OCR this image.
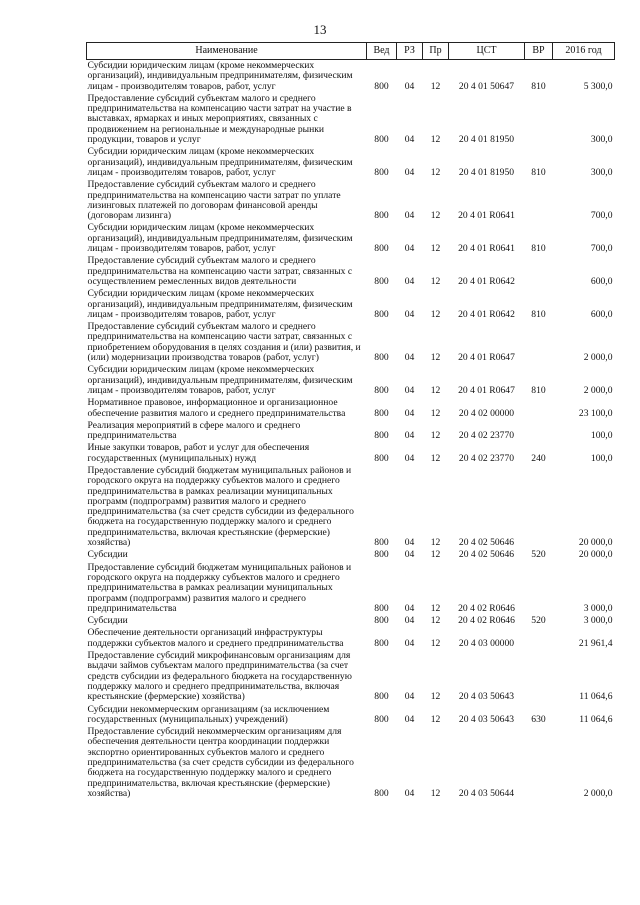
13
Наименование	Вед	РЗ	Пр	ЦСТ	ВР	2016 год
Субсидии юридическим лицам (кроме некоммерческих организаций), индивидуальным предпринимателям, физическим лицам - производителям товаров, работ, услуг	800	04	12	20 4 01 50647	810	5 300,0
Предоставление субсидий субъектам малого и среднего предпринимательства на компенсацию части затрат на участие в выставках, ярмарках и иных мероприятиях, связанных с продвижением на региональные и международные рынки продукции, товаров и услуг	800	04	12	20 4 01 81950		300,0
Субсидии юридическим лицам (кроме некоммерческих организаций), индивидуальным предпринимателям, физическим лицам - производителям товаров, работ, услуг	800	04	12	20 4 01 81950	810	300,0
Предоставление субсидий субъектам малого и среднего предпринимательства на компенсацию части затрат по уплате лизинговых платежей по договорам финансовой аренды (договорам лизинга)	800	04	12	20 4 01 R0641		700,0
Субсидии юридическим лицам (кроме некоммерческих организаций), индивидуальным предпринимателям, физическим лицам - производителям товаров, работ, услуг	800	04	12	20 4 01 R0641	810	700,0
Предоставление субсидий субъектам малого и среднего предпринимательства на компенсацию части затрат, связанных с осуществлением ремесленных видов деятельности	800	04	12	20 4 01 R0642		600,0
Субсидии юридическим лицам (кроме некоммерческих организаций), индивидуальным предпринимателям, физическим лицам - производителям товаров, работ, услуг	800	04	12	20 4 01 R0642	810	600,0
Предоставление субсидий субъектам малого и среднего предпринимательства на компенсацию части затрат, связанных с приобретением оборудования в целях создания и (или) развития, и (или) модернизации производства товаров (работ, услуг)	800	04	12	20 4 01 R0647		2 000,0
Субсидии юридическим лицам (кроме некоммерческих организаций), индивидуальным предпринимателям, физическим лицам - производителям товаров, работ, услуг	800	04	12	20 4 01 R0647	810	2 000,0
Нормативное правовое, информационное и организационное обеспечение развития малого и среднего предпринимательства	800	04	12	20 4 02 00000		23 100,0
Реализация мероприятий в сфере малого и среднего предпринимательства	800	04	12	20 4 02 23770		100,0
Иные закупки товаров, работ и услуг для обеспечения государственных (муниципальных) нужд	800	04	12	20 4 02 23770	240	100,0
Предоставление субсидий бюджетам муниципальных районов и городского округа на поддержку субъектов малого и среднего предпринимательства в рамках реализации муниципальных программ (подпрограмм) развития малого и среднего предпринимательства (за счет средств субсидии из федерального бюджета на государственную поддержку малого и среднего предпринимательства, включая крестьянские (фермерские) хозяйства)	800	04	12	20 4 02 50646		20 000,0
Субсидии	800	04	12	20 4 02 50646	520	20 000,0
Предоставление субсидий бюджетам муниципальных районов и городского округа на поддержку субъектов малого и среднего предпринимательства в рамках реализации муниципальных программ (подпрограмм) развития малого и среднего предпринимательства	800	04	12	20 4 02 R0646		3 000,0
Субсидии	800	04	12	20 4 02 R0646	520	3 000,0
Обеспечение деятельности организаций инфраструктуры поддержки субъектов малого и среднего предпринимательства	800	04	12	20 4 03 00000		21 961,4
Предоставление субсидий микрофинансовым организациям для выдачи займов субъектам малого предпринимательства (за счет средств субсидии из федерального бюджета на государственную поддержку малого и среднего предпринимательства, включая крестьянские (фермерские) хозяйства)	800	04	12	20 4 03 50643		11 064,6
Субсидии некоммерческим организациям (за исключением государственных (муниципальных) учреждений)	800	04	12	20 4 03 50643	630	11 064,6
Предоставление субсидий некоммерческим организациям для обеспечения деятельности центра координации поддержки экспортно ориентированных субъектов малого и среднего предпринимательства (за счет средств субсидии из федерального бюджета на государственную поддержку малого и среднего предпринимательства, включая крестьянские (фермерские) хозяйства)	800	04	12	20 4 03 50644		2 000,0
